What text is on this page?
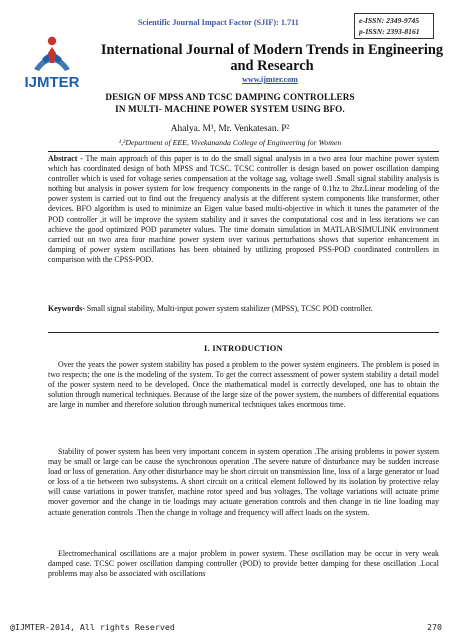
Scientific Journal Impact Factor (SJIF): 1.711	e-ISSN: 2349-9745
p-ISSN: 2393-8161
IJMTER
International Journal of Modern Trends in Engineering and Research
www.ijmter.com
DESIGN OF MPSS AND TCSC DAMPING CONTROLLERS
IN MULTI- MACHINE POWER SYSTEM USING BFO.
Ahalya. M¹, Mr. Venkatesan. P²
¹,²Department of EEE, Vivekananda College of Engineering for Women
Abstract - The main approach of this paper is to do the small signal analysis in a two area four machine power system which has coordinated design of both MPSS and TCSC. TCSC controller is design based on power oscillation damping controller which is used for voltage series compensation at the voltage sag, voltage swell .Small signal stability analysis is nothing but analysis in power system for low frequency components in the range of 0.1hz to 2hz.Linear modeling of the power system is carried out to find out the frequency analysis at the different system components like transformer, other devices. BFO algorithm is used to minimize an Eigen value based multi-objective in which it tunes the parameter of the POD controller ,it will be improve the system stability and it saves the computational cost and in less iterations we can achieve the good optimized POD parameter values. The time domain simulation in MATLAB/SIMULINK environment carried out on two area four machine power system over various perturbations shows that superior enhancement in damping of power system oscillations has been obtained by utilizing proposed PSS-POD coordinated controllers in comparison with the CPSS-POD.
Keywords- Small signal stability, Multi-input power system stabilizer (MPSS), TCSC POD controller.
I. INTRODUCTION
Over the years the power system stability has posed a problem to the power system engineers. The problem is posed in two respects; the one is the modeling of the system. To get the correct assessment of power system stability a detail model of the power system need to be developed. Once the mathematical model is correctly developed, one has to obtain the solution through numerical techniques. Because of the large size of the power system, the numbers of differential equations are large in number and therefore solution through numerical techniques takes enormous time.
Stability of power system has been very important concern in system operation .The arising problems in power system may be small or large can be cause the synchronous operation .The severe nature of disturbance may be sudden increase load or loss of generation. Any other disturbance may be short circuit on transmission line, loss of a large generator or load or loss of a tie between two subsystems. A short circuit on a critical element followed by its isolation by protective relay will cause variations in power transfer, machine rotor speed and bus voltages. The voltage variations will actuate prime mover governor and the change in tie loadings may actuate generation controls and then change in tie line loading may actuate generation controls .Then the change in voltage and frequency will affect loads on the system.
Electromechanical oscillations are a major problem in power system. These oscillation may be occur in very weak damped case. TCSC power oscillation damping controller (POD) to provide better damping for these oscillation .Local problems may also be associated with oscillations
@IJMTER-2014, All rights Reserved	270
